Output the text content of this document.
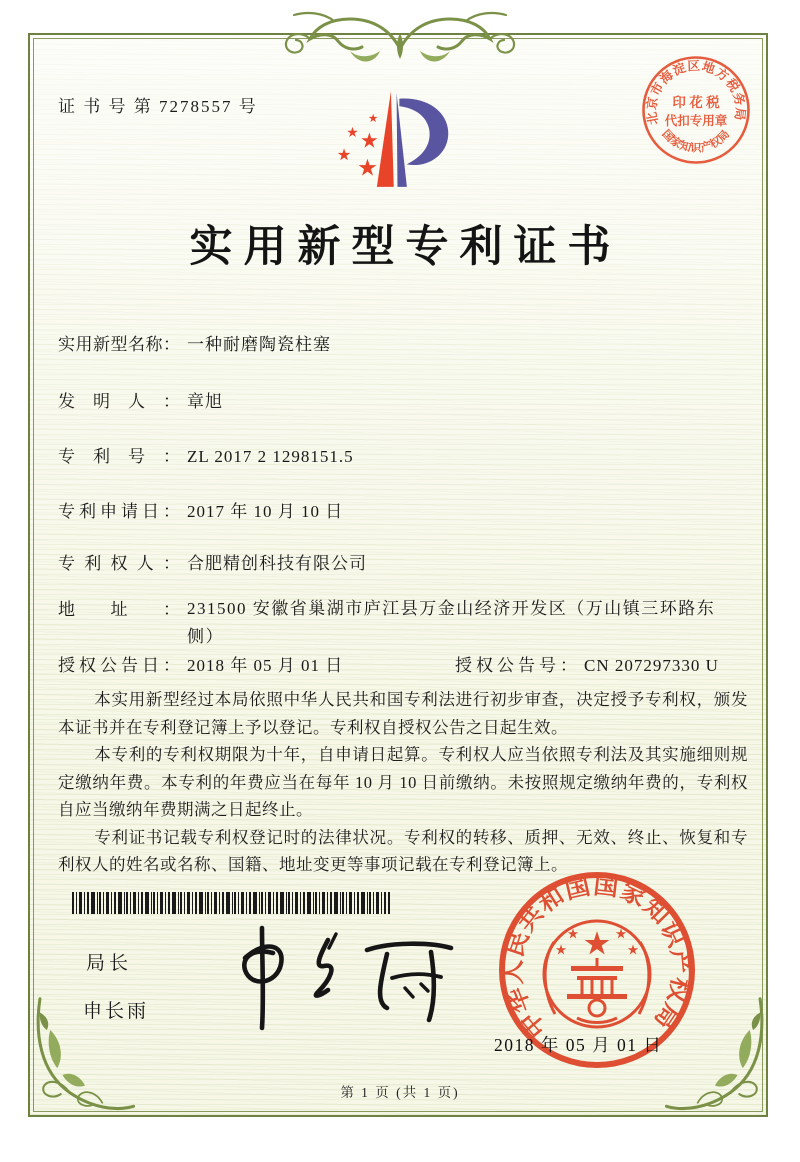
证 书 号 第 7278557 号
北京市海淀区地方税务局
国家知识产权局
印 花 税
代扣专用章
实用新型专利证书
实用新型名称： 一种耐磨陶瓷柱塞
发明人： 章旭
专利号： ZL 2017 2 1298151.5
专利申请日： 2017 年 10 月 10 日
专利权人： 合肥精创科技有限公司
地址： 231500 安徽省巢湖市庐江县万金山经济开发区（万山镇三环路东侧）
授权公告日： 2018 年 05 月 01 日	授权公告号： CN 207297330 U

本实用新型经过本局依照中华人民共和国专利法进行初步审查，决定授予专利权，颁发本证书并在专利登记簿上予以登记。专利权自授权公告之日起生效。

本专利的专利权期限为十年，自申请日起算。专利权人应当依照专利法及其实施细则规定缴纳年费。本专利的年费应当在每年 10 月 10 日前缴纳。未按照规定缴纳年费的，专利权自应当缴纳年费期满之日起终止。

专利证书记载专利权登记时的法律状况。专利权的转移、质押、无效、终止、恢复和专利权人的姓名或名称、国籍、地址变更等事项记载在专利登记簿上。

局长
申长雨	中华人民共和国国家知识产权局
2018 年 05 月 01 日
第 1 页 (共 1 页)
